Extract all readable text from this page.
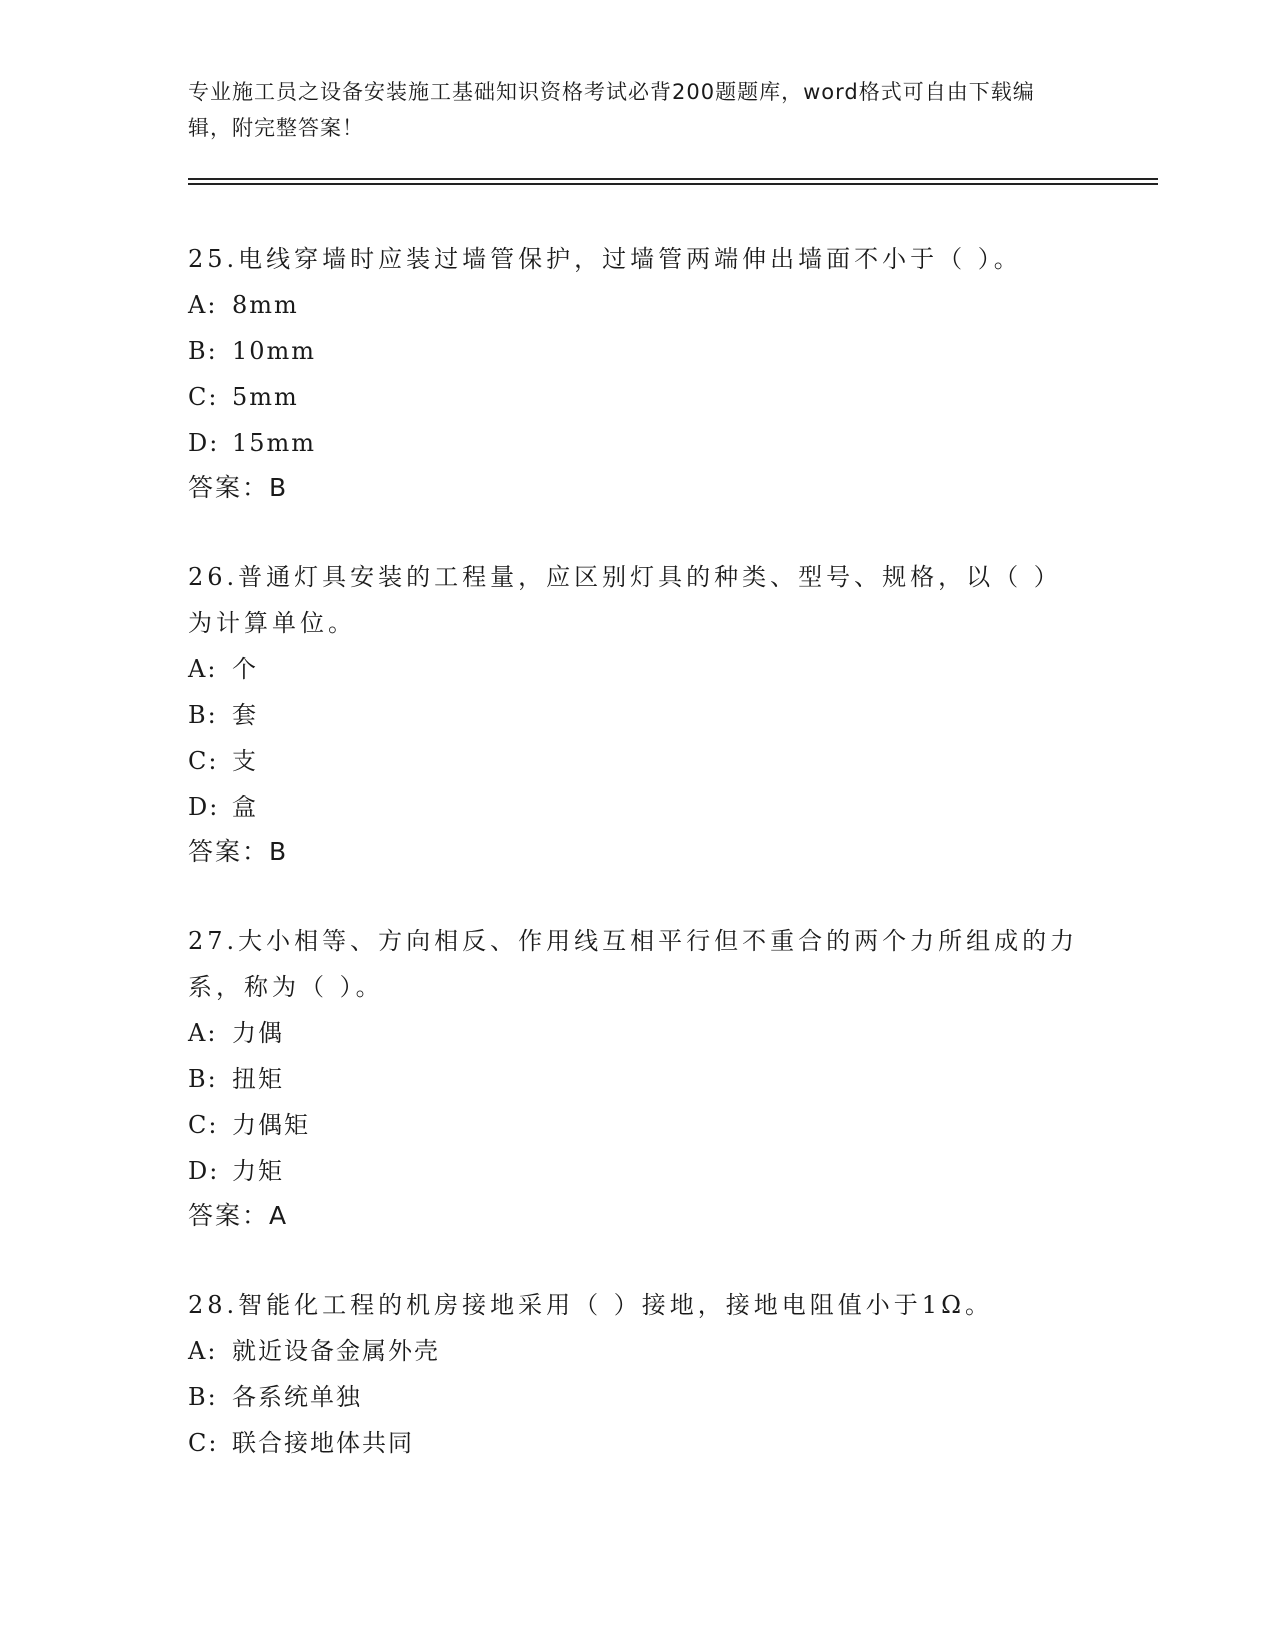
专业施工员之设备安装施工基础知识资格考试必背200题题库，word格式可自由下载编辑，附完整答案！
25.电线穿墙时应装过墙管保护，过墙管两端伸出墙面不小于（ ）。
A: 8mm
B: 10mm
C: 5mm
D: 15mm
答案：B
26.普通灯具安装的工程量，应区别灯具的种类、型号、规格，以（ ）为计算单位。
A: 个
B: 套
C: 支
D: 盒
答案：B
27.大小相等、方向相反、作用线互相平行但不重合的两个力所组成的力系，称为（ ）。
A: 力偶
B: 扭矩
C: 力偶矩
D: 力矩
答案：A
28.智能化工程的机房接地采用（ ）接地，接地电阻值小于1Ω。
A: 就近设备金属外壳
B: 各系统单独
C: 联合接地体共同
